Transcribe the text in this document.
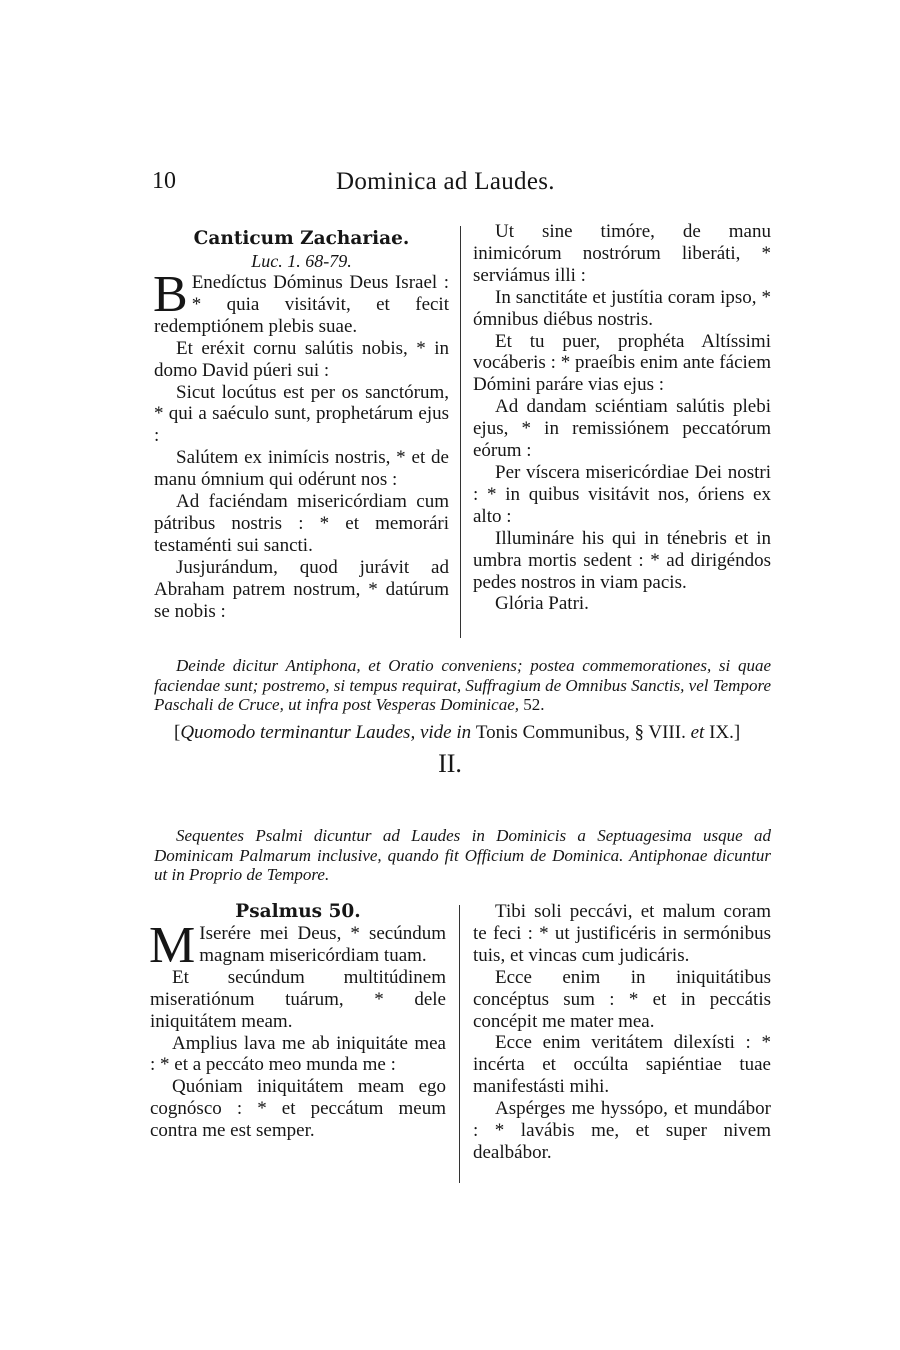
10	Dominica ad Laudes.
Canticum Zachariae.
Luc. 1. 68-79.

B Enedíctus Dóminus Deus Israel : * quia visitávit, et fecit redemptiónem plebis suae.

Et eréxit cornu salútis nobis, * in domo David púeri sui :

Sicut locútus est per os sanctórum, * qui a saéculo sunt, prophetárum ejus :

Salútem ex inimícis nostris, * et de manu ómnium qui odérunt nos :

Ad faciéndam misericórdiam cum pátribus nostris : * et memorári testaménti sui sancti.

Jusjurándum, quod jurávit ad Abraham patrem nostrum, * datúrum se nobis :

Ut sine timóre, de manu inimicórum nostrórum liberáti, * serviámus illi :

In sanctitáte et justítia coram ipso, * ómnibus diébus nostris.

Et tu puer, prophéta Altíssimi vocáberis : * praeíbis enim ante fáciem Dómini paráre vias ejus :

Ad dandam sciéntiam salútis plebi ejus, * in remissiónem peccatórum eórum :

Per víscera misericórdiae Dei nostri : * in quibus visitávit nos, óriens ex alto :

Illumináre his qui in ténebris et in umbra mortis sedent : * ad dirigéndos pedes nostros in viam pacis.

Glória Patri.

Deinde dicitur Antiphona, et Oratio conveniens; postea commemorationes, si quae faciendae sunt; postremo, si tempus requirat, Suffragium de Omnibus Sanctis, vel Tempore Paschali de Cruce, ut infra post Vesperas Dominicae, 52.

[Quomodo terminantur Laudes, vide in Tonis Communibus, § VIII. et IX.]

II.

Sequentes Psalmi dicuntur ad Laudes in Dominicis a Septuagesima usque ad Dominicam Palmarum inclusive, quando fit Officium de Dominica. Antiphonae dicuntur ut in Proprio de Tempore.

Psalmus 50.

M Iserére mei Deus, * secúndum magnam misericórdiam tuam.

Et secúndum multitúdinem miseratiónum tuárum, * dele iniquitátem meam.

Amplius lava me ab iniquitáte mea : * et a peccáto meo munda me :

Quóniam iniquitátem meam ego cognósco : * et peccátum meum contra me est semper.

Tibi soli peccávi, et malum coram te feci : * ut justificéris in sermónibus tuis, et vincas cum judicáris.

Ecce enim in iniquitátibus concéptus sum : * et in peccátis concépit me mater mea.

Ecce enim veritátem dilexísti : * incérta et occúlta sapiéntiae tuae manifestásti mihi.

Aspérges me hyssópo, et mundábor : * lavábis me, et super nivem dealbábor.
